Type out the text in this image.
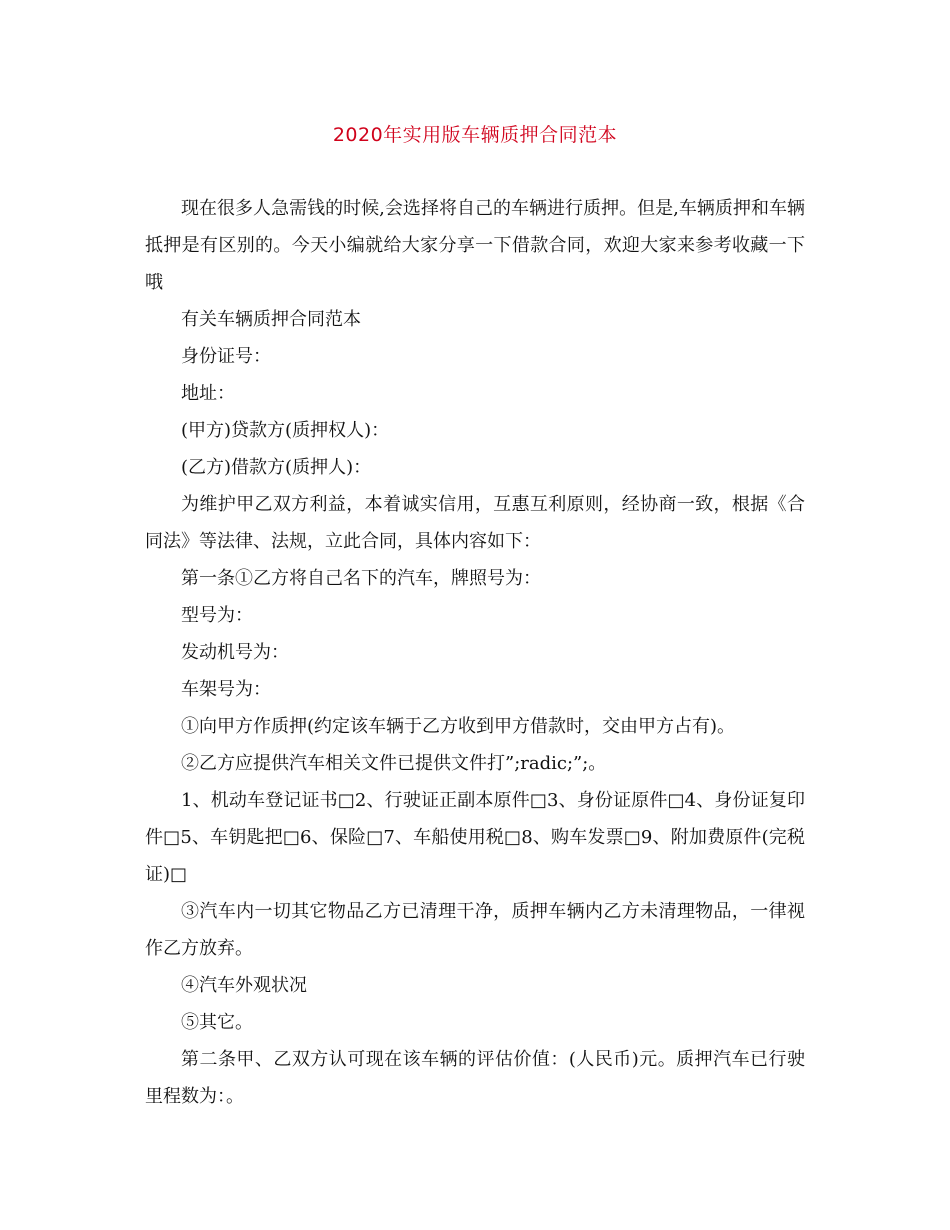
2020年实用版车辆质押合同范本

现在很多人急需钱的时候,会选择将自己的车辆进行质押。但是,车辆质押和车辆抵押是有区别的。今天小编就给大家分享一下借款合同，欢迎大家来参考收藏一下哦

有关车辆质押合同范本

身份证号：

地址：

(甲方)贷款方(质押权人)：

(乙方)借款方(质押人)：

为维护甲乙双方利益，本着诚实信用，互惠互利原则，经协商一致，根据《合同法》等法律、法规，立此合同，具体内容如下：

第一条①乙方将自己名下的汽车，牌照号为：

型号为：

发动机号为：

车架号为：

①向甲方作质押(约定该车辆于乙方收到甲方借款时，交由甲方占有)。

②乙方应提供汽车相关文件已提供文件打”;radic;”;。

1、机动车登记证书□2、行驶证正副本原件□3、身份证原件□4、身份证复印件□5、车钥匙把□6、保险□7、车船使用税□8、购车发票□9、附加费原件(完税证)□

③汽车内一切其它物品乙方已清理干净，质押车辆内乙方未清理物品，一律视作乙方放弃。

④汽车外观状况

⑤其它。

第二条甲、乙双方认可现在该车辆的评估价值：(人民币)元。质押汽车已行驶里程数为：。
